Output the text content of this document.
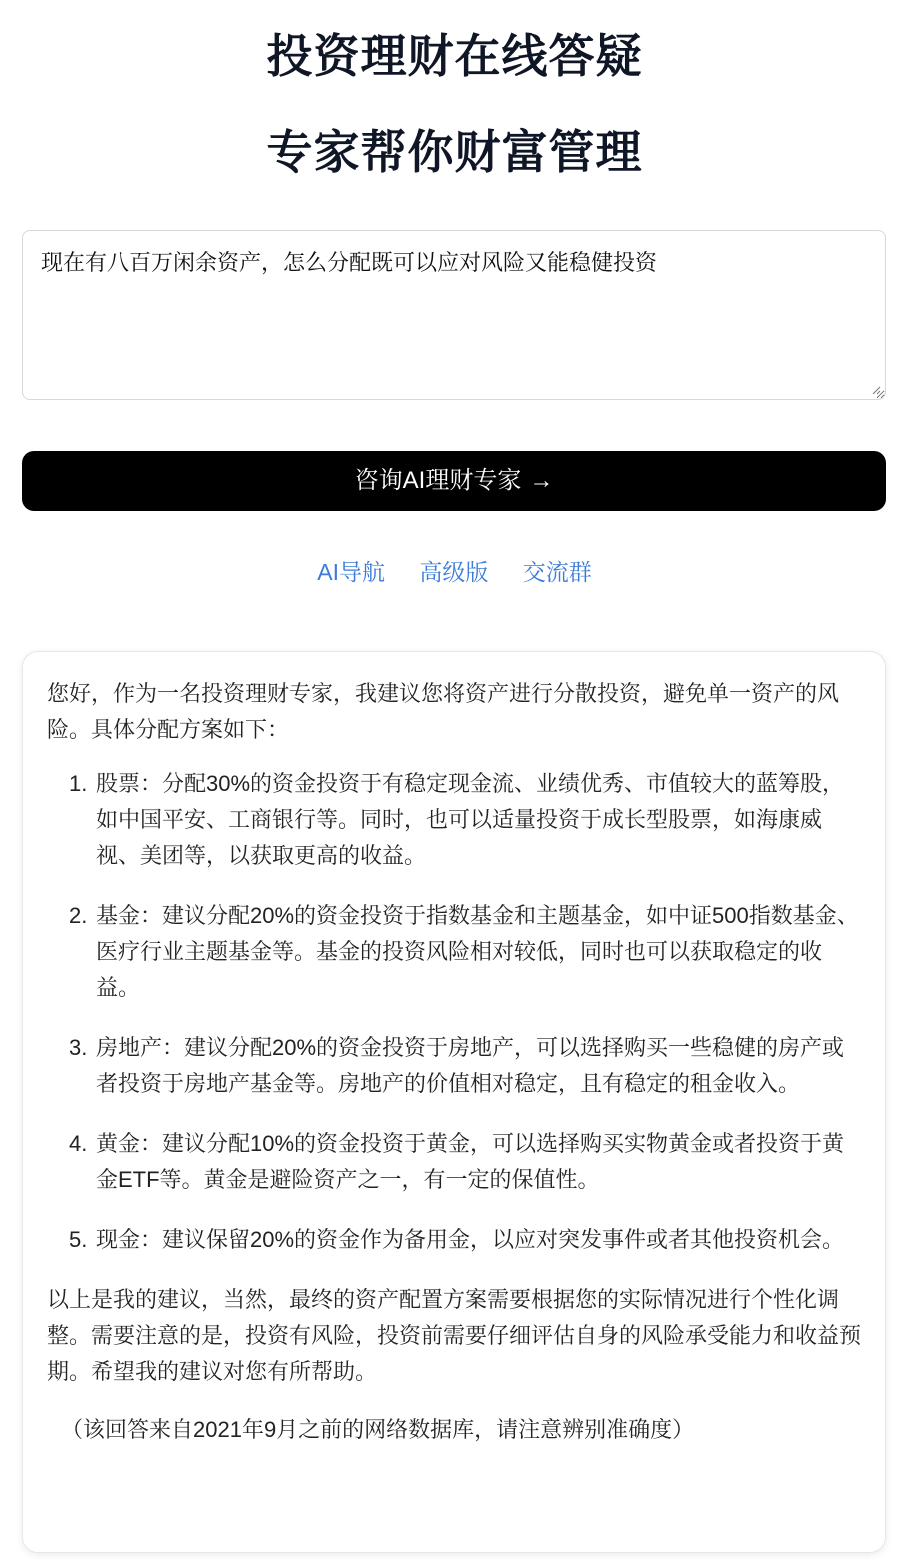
投资理财在线答疑
专家帮你财富管理
现在有八百万闲余资产，怎么分配既可以应对风险又能稳健投资
咨询AI理财专家 →
AI导航 高级版 交流群

您好，作为一名投资理财专家，我建议您将资产进行分散投资，避免单一资产的风险。具体分配方案如下：

1. 股票：分配30%的资金投资于有稳定现金流、业绩优秀、市值较大的蓝筹股，如中国平安、工商银行等。同时，也可以适量投资于成长型股票，如海康威视、美团等，以获取更高的收益。
2. 基金：建议分配20%的资金投资于指数基金和主题基金，如中证500指数基金、医疗行业主题基金等。基金的投资风险相对较低，同时也可以获取稳定的收益。
3. 房地产：建议分配20%的资金投资于房地产，可以选择购买一些稳健的房产或者投资于房地产基金等。房地产的价值相对稳定，且有稳定的租金收入。
4. 黄金：建议分配10%的资金投资于黄金，可以选择购买实物黄金或者投资于黄金ETF等。黄金是避险资产之一，有一定的保值性。
5. 现金：建议保留20%的资金作为备用金，以应对突发事件或者其他投资机会。

以上是我的建议，当然，最终的资产配置方案需要根据您的实际情况进行个性化调整。需要注意的是，投资有风险，投资前需要仔细评估自身的风险承受能力和收益预期。希望我的建议对您有所帮助。

（该回答来自2021年9月之前的网络数据库，请注意辨别准确度）
